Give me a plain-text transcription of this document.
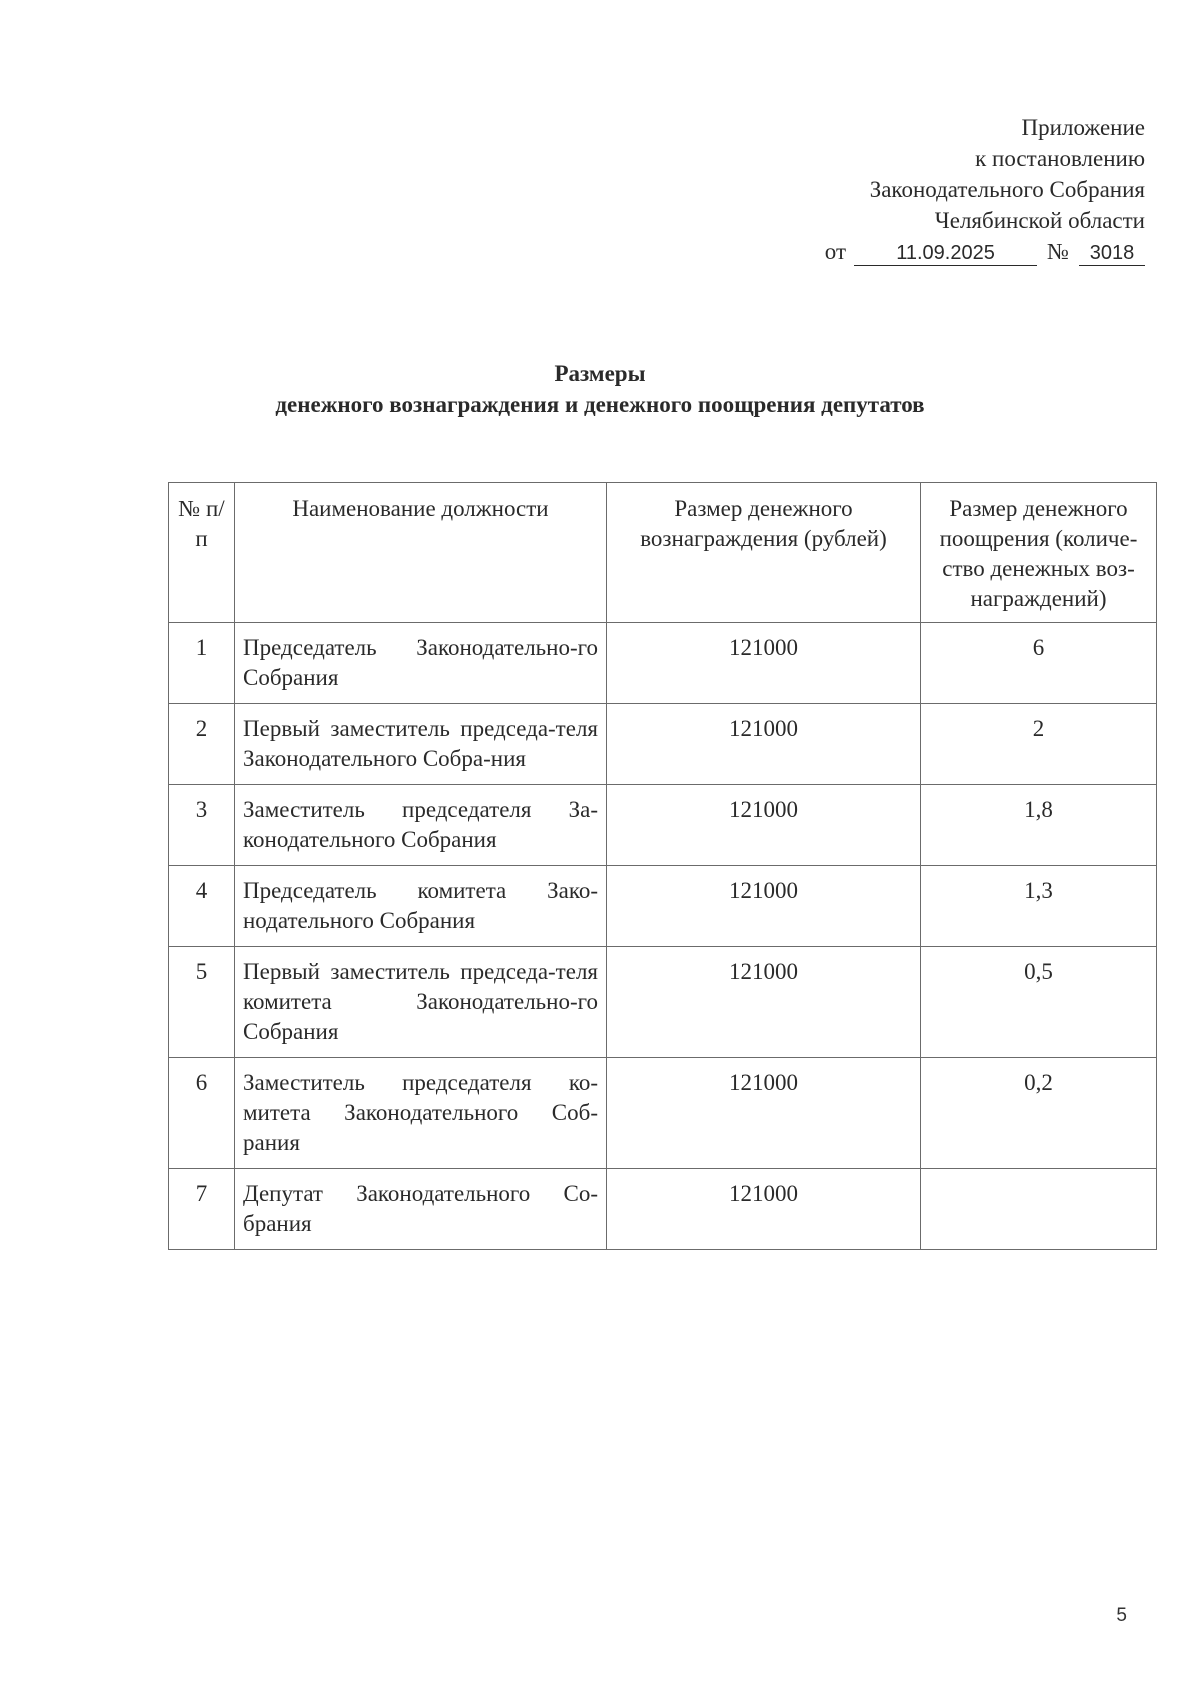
Приложение
к постановлению
Законодательного Собрания
Челябинской области
от	11.09.2025	№	3018
Размеры
денежного вознаграждения и денежного поощрения депутатов
№ п/п	Наименование должности	Размер денежного вознаграждения (рублей)	Размер денежного поощрения (количе-ство денежных воз-награждений)
1	Председатель Законодательно-го Собрания	121000	6
2	Первый заместитель председа-теля Законодательного Собра-ния	121000	2
3	Заместитель председателя За-конодательного Собрания	121000	1,8
4	Председатель комитета Зако-нодательного Собрания	121000	1,3
5	Первый заместитель председа-теля комитета Законодательно-го Собрания	121000	0,5
6	Заместитель председателя ко-митета Законодательного Соб-рания	121000	0,2
7	Депутат Законодательного Со-брания	121000	
5
